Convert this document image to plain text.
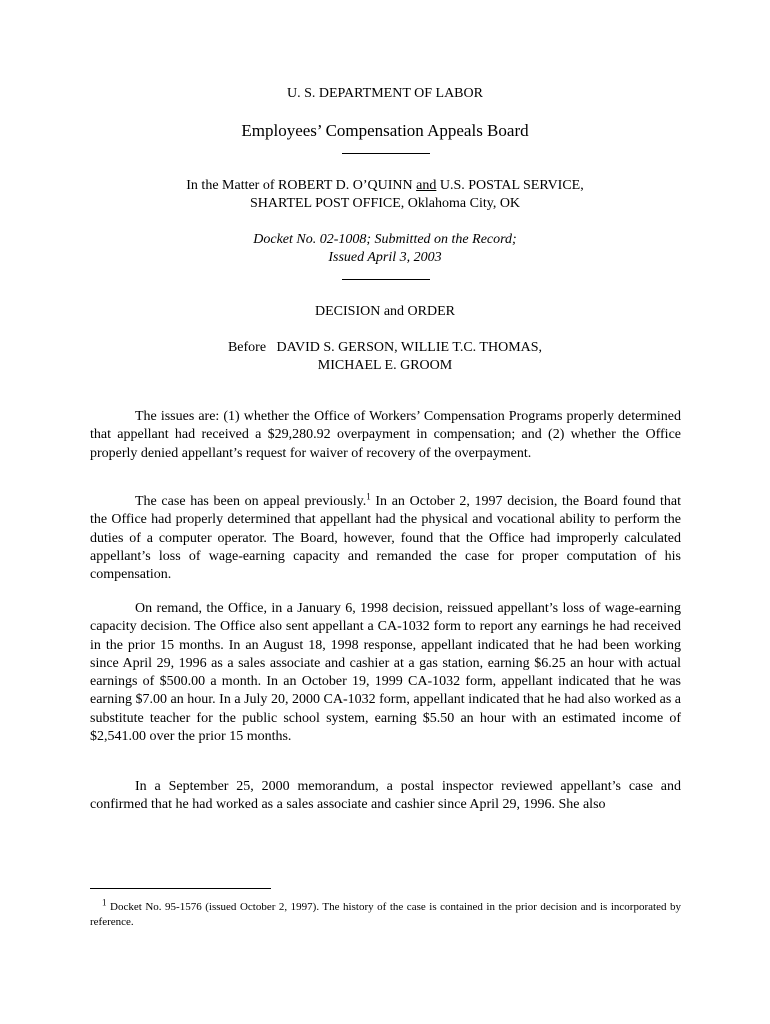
U. S. DEPARTMENT OF LABOR
Employees’ Compensation Appeals Board
In the Matter of ROBERT D. O’QUINN and U.S. POSTAL SERVICE,
SHARTEL POST OFFICE, Oklahoma City, OK
Docket No. 02-1008; Submitted on the Record;
Issued April 3, 2003
DECISION and ORDER
Before   DAVID S. GERSON, WILLIE T.C. THOMAS,
MICHAEL E. GROOM

The issues are: (1) whether the Office of Workers’ Compensation Programs properly determined that appellant had received a $29,280.92 overpayment in compensation; and (2) whether the Office properly denied appellant’s request for waiver of recovery of the overpayment.

The case has been on appeal previously.$^1$ In an October 2, 1997 decision, the Board found that the Office had properly determined that appellant had the physical and vocational ability to perform the duties of a computer operator. The Board, however, found that the Office had improperly calculated appellant’s loss of wage-earning capacity and remanded the case for proper computation of his compensation.

On remand, the Office, in a January 6, 1998 decision, reissued appellant’s loss of wage-earning capacity decision. The Office also sent appellant a CA-1032 form to report any earnings he had received in the prior 15 months. In an August 18, 1998 response, appellant indicated that he had been working since April 29, 1996 as a sales associate and cashier at a gas station, earning $6.25 an hour with actual earnings of $500.00 a month. In an October 19, 1999 CA-1032 form, appellant indicated that he was earning $7.00 an hour. In a July 20, 2000 CA-1032 form, appellant indicated that he had also worked as a substitute teacher for the public school system, earning $5.50 an hour with an estimated income of $2,541.00 over the prior 15 months.

In a September 25, 2000 memorandum, a postal inspector reviewed appellant’s case and confirmed that he had worked as a sales associate and cashier since April 29, 1996. She also

$^1$ Docket No. 95-1576 (issued October 2, 1997). The history of the case is contained in the prior decision and is incorporated by reference.
